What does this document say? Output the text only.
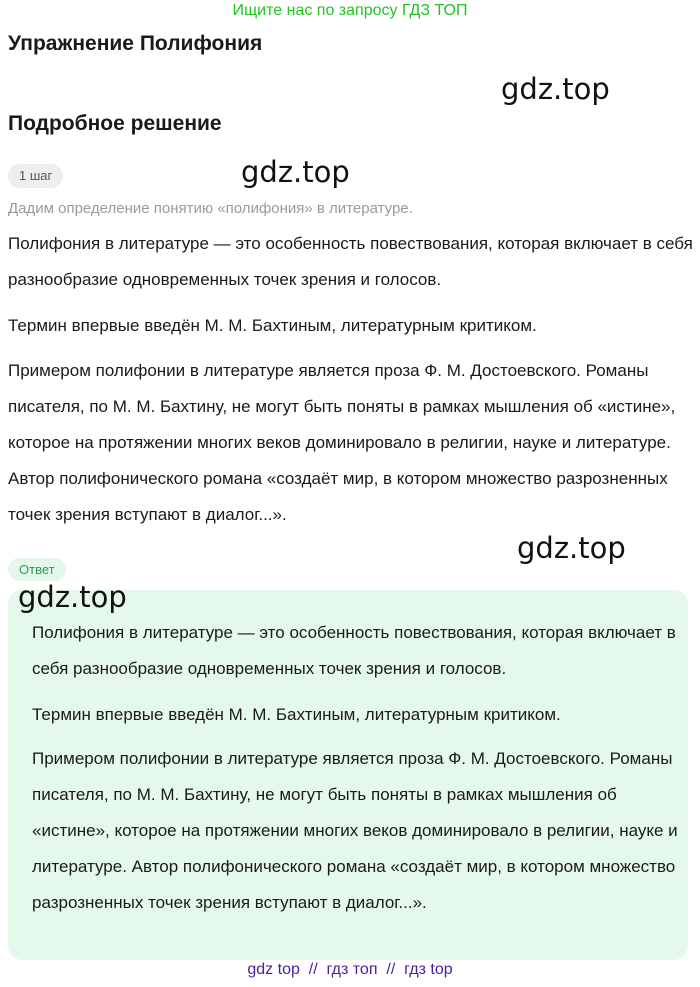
Ищите нас по запросу ГДЗ ТОП
Упражнение Полифония
gdz.top
Подробное решение
gdz.top
1 шаг
Дадим определение понятию «полифония» в литературе.

Полифония в литературе — это особенность повествования, которая включает в себя разнообразие одновременных точек зрения и голосов.

Термин впервые введён М. М. Бахтиным, литературным критиком.

Примером полифонии в литературе является проза Ф. М. Достоевского. Романы писателя, по М. М. Бахтину, не могут быть поняты в рамках мышления об «истине», которое на протяжении многих веков доминировало в религии, науке и литературе. Автор полифонического романа «создаёт мир, в котором множество разрозненных точек зрения вступают в диалог...».

gdz.top
Ответ
gdz.top

Полифония в литературе — это особенность повествования, которая включает в себя разнообразие одновременных точек зрения и голосов.

Термин впервые введён М. М. Бахтиным, литературным критиком.

Примером полифонии в литературе является проза Ф. М. Достоевского. Романы писателя, по М. М. Бахтину, не могут быть поняты в рамках мышления об «истине», которое на протяжении многих веков доминировало в религии, науке и литературе. Автор полифонического романа «создаёт мир, в котором множество разрозненных точек зрения вступают в диалог...».

gdz top  //  гдз топ  //  гдз top
